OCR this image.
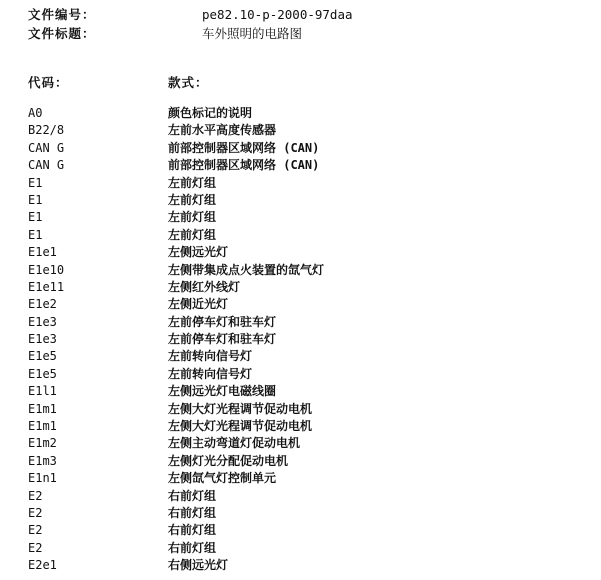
文件编号：	pe82.10-p-2000-97daa
文件标题：	车外照明的电路图
代码：	款式：
A0	颜色标记的说明
B22/8	左前水平高度传感器
CAN G	前部控制器区域网络 (CAN)
CAN G	前部控制器区域网络 (CAN)
E1	左前灯组
E1	左前灯组
E1	左前灯组
E1	左前灯组
E1e1	左侧远光灯
E1e10	左侧带集成点火装置的氙气灯
E1e11	左侧红外线灯
E1e2	左侧近光灯
E1e3	左前停车灯和驻车灯
E1e3	左前停车灯和驻车灯
E1e5	左前转向信号灯
E1e5	左前转向信号灯
E1l1	左侧远光灯电磁线圈
E1m1	左侧大灯光程调节促动电机
E1m1	左侧大灯光程调节促动电机
E1m2	左侧主动弯道灯促动电机
E1m3	左侧灯光分配促动电机
E1n1	左侧氙气灯控制单元
E2	右前灯组
E2	右前灯组
E2	右前灯组
E2	右前灯组
E2e1	右侧远光灯
